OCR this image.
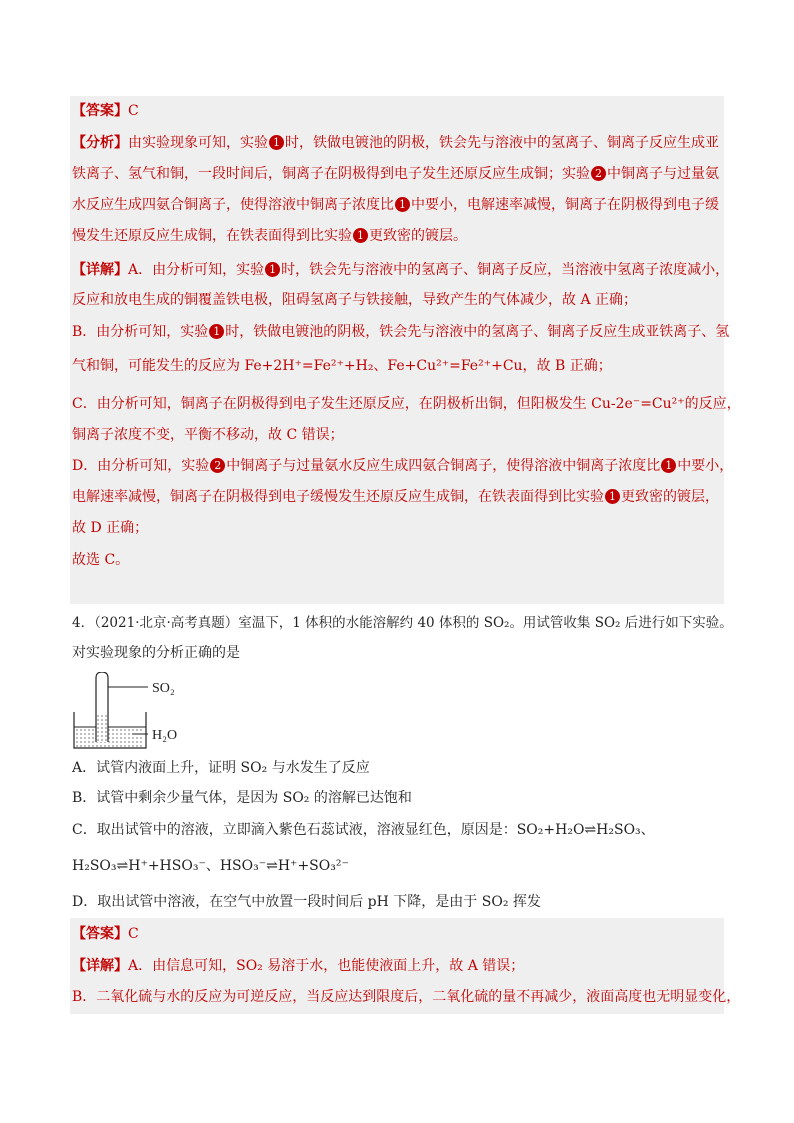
【答案】C
【分析】由实验现象可知，实验 1 时，铁做电镀池的阴极，铁会先与溶液中的氢离子、铜离子反应生成亚
铁离子、氢气和铜，一段时间后，铜离子在阴极得到电子发生还原反应生成铜；实验 2 中铜离子与过量氨
水反应生成四氨合铜离子，使得溶液中铜离子浓度比 1 中要小，电解速率减慢，铜离子在阴极得到电子缓
慢发生还原反应生成铜，在铁表面得到比实验 1 更致密的镀层。
【详解】A．由分析可知，实验 1 时，铁会先与溶液中的氢离子、铜离子反应，当溶液中氢离子浓度减小，
反应和放电生成的铜覆盖铁电极，阻碍氢离子与铁接触，导致产生的气体减少，故 A 正确；
B．由分析可知，实验 1 时，铁做电镀池的阴极，铁会先与溶液中的氢离子、铜离子反应生成亚铁离子、氢
气和铜，可能发生的反应为 Fe+2H⁺=Fe²⁺+H₂、Fe+Cu²⁺=Fe²⁺+Cu，故 B 正确；
C．由分析可知，铜离子在阴极得到电子发生还原反应，在阴极析出铜，但阳极发生 Cu-2e⁻=Cu²⁺的反应，
铜离子浓度不变，平衡不移动，故 C 错误；
D．由分析可知，实验 2 中铜离子与过量氨水反应生成四氨合铜离子，使得溶液中铜离子浓度比 1 中要小，
电解速率减慢，铜离子在阴极得到电子缓慢发生还原反应生成铜，在铁表面得到比实验 1 更致密的镀层，
故 D 正确；
故选 C。
4．（2021·北京·高考真题）室温下，1 体积的水能溶解约 40 体积的 SO₂。用试管收集 SO₂ 后进行如下实验。
对实验现象的分析正确的是
SO₂
H₂O
A．试管内液面上升，证明 SO₂ 与水发生了反应
B．试管中剩余少量气体，是因为 SO₂ 的溶解已达饱和
C．取出试管中的溶液，立即滴入紫色石蕊试液，溶液显红色，原因是：SO₂+H₂O⇌H₂SO₃、
H₂SO₃⇌H⁺+HSO₃⁻、HSO₃⁻⇌H⁺+SO₃²⁻
D．取出试管中溶液，在空气中放置一段时间后 pH 下降，是由于 SO₂ 挥发
【答案】C
【详解】A．由信息可知，SO₂ 易溶于水，也能使液面上升，故 A 错误；
B．二氧化硫与水的反应为可逆反应，当反应达到限度后，二氧化硫的量不再减少，液面高度也无明显变化，
